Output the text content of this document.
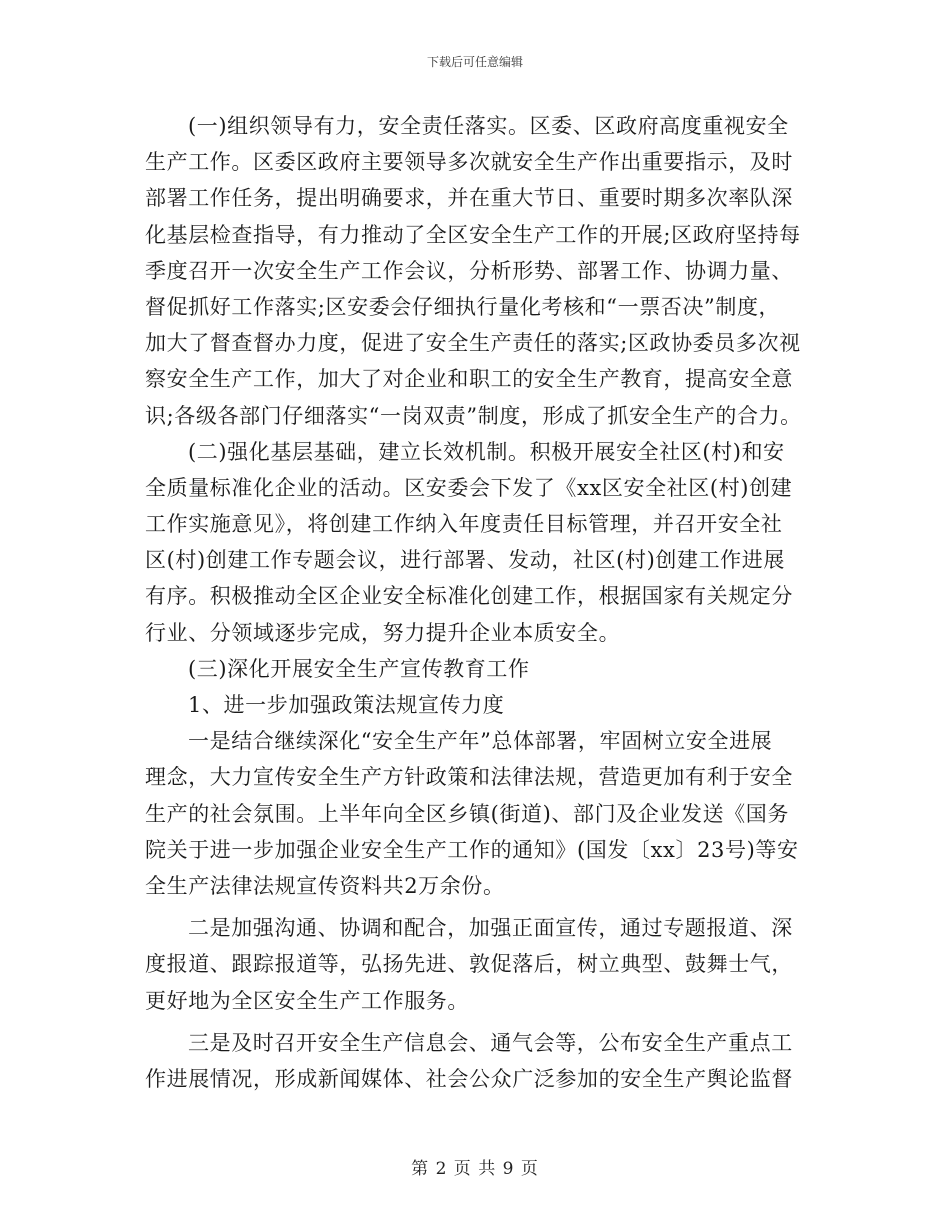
下载后可任意编辑
(一)组织领导有力，安全责任落实。区委、区政府高度重视安全
生产工作。区委区政府主要领导多次就安全生产作出重要指示，及时
部署工作任务，提出明确要求，并在重大节日、重要时期多次率队深
化基层检查指导，有力推动了全区安全生产工作的开展;区政府坚持每
季度召开一次安全生产工作会议，分析形势、部署工作、协调力量、
督促抓好工作落实;区安委会仔细执行量化考核和“一票否决”制度，
加大了督查督办力度，促进了安全生产责任的落实;区政协委员多次视
察安全生产工作，加大了对企业和职工的安全生产教育，提高安全意
识;各级各部门仔细落实“一岗双责”制度，形成了抓安全生产的合力。
(二)强化基层基础，建立长效机制。积极开展安全社区(村)和安
全质量标准化企业的活动。区安委会下发了《xx区安全社区(村)创建
工作实施意见》，将创建工作纳入年度责任目标管理，并召开安全社
区(村)创建工作专题会议，进行部署、发动，社区(村)创建工作进展
有序。积极推动全区企业安全标准化创建工作，根据国家有关规定分
行业、分领域逐步完成，努力提升企业本质安全。
(三)深化开展安全生产宣传教育工作
1、进一步加强政策法规宣传力度
一是结合继续深化“安全生产年”总体部署，牢固树立安全进展
理念，大力宣传安全生产方针政策和法律法规，营造更加有利于安全
生产的社会氛围。上半年向全区乡镇(街道)、部门及企业发送《国务
院关于进一步加强企业安全生产工作的通知》(国发〔xx〕23号)等安
全生产法律法规宣传资料共2万余份。
二是加强沟通、协调和配合，加强正面宣传，通过专题报道、深
度报道、跟踪报道等，弘扬先进、敦促落后，树立典型、鼓舞士气，
更好地为全区安全生产工作服务。
三是及时召开安全生产信息会、通气会等，公布安全生产重点工
作进展情况，形成新闻媒体、社会公众广泛参加的安全生产舆论监督
第 2 页 共 9 页
